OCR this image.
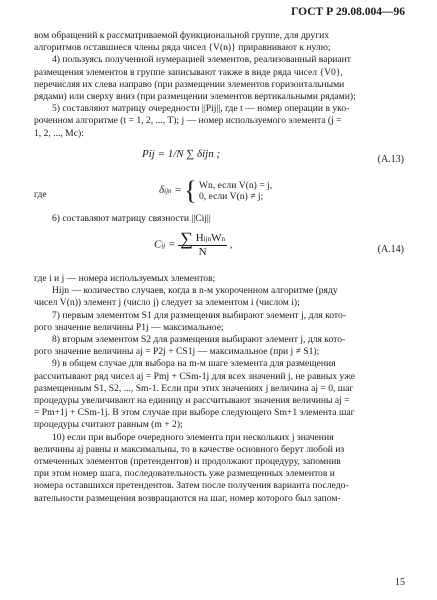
ГОСТ Р 29.08.004—96

вом обращений к рассматриваемой функциональной группе, для других

алгоритмов оставшиеся члены ряда чисел {V(n)} приравнивают к нулю;

4) пользуясь полученной нумерацией элементов, реализованный вариант

размещения элементов в группе записывают также в виде ряда чисел {V0},

перечисляя их слева направо (при размещении элементов горизонтальными

рядами) или сверху вниз (при размещении элементов вертикальными рядами);

5) составляют матрицу очередности ||Pij||, где t — номер операции в уко-

роченном алгоритме (t = 1, 2, ..., T); j — номер используемого элемента (j =

1, 2, ..., Mc):

Pij = 1/N ∑ δijn ;	(А.13)
где	δijn = { Wn, если V(n) = j,
0, если V(n) ≠ j;

6) составляют матрицу связности ||Cij||

Cij = $\frac{\text{∑ HijnWn}}{N}$ ,	(А.14)

где i и j — номера используемых элементов;

Hijn — количество случаев, когда в n-м укороченном алгоритме (рядy

чисел V(n)) элемент j (число j) следует за элементом i (числом i);

7) первым элементом S1 для размещения выбирают элемент j, для кото-

рого значение величины P1j — максимальное;

8) вторым элементом S2 для размещения выбирают элемент j, для кото-

рого значение величины aj = P2j + CS1j — максимальное (при j ≠ S1);

9) в общем случае для выбора на m-м шаге элемента для размещения

рассчитывают ряд чисел aj = Pmj + CSm-1j для всех значений j, не равных уже

размещенным S1, S2, ..., Sm-1. Если при этих значениях j величина aj = 0, шаг

процедуры увеличивают на единицу и рассчитывают значения величины aj =

= Pm+1j + CSm-1j. В этом случае при выборе следующего Sm+1 элемента шаг

процедуры считают равным (m + 2);

10) если при выборе очередного элемента при нескольких j значения

величины aj равны и максимальны, то в качестве основного берут любой из

отмеченных элементов (претендентов) и продолжают процедуру, запомнив

при этом номер шага, последовательность уже размещенных элементов и

номера оставшихся претендентов. Затем после получения варианта последо-

вательности размещения возвращаются на шаг, номер которого был запом-

15
